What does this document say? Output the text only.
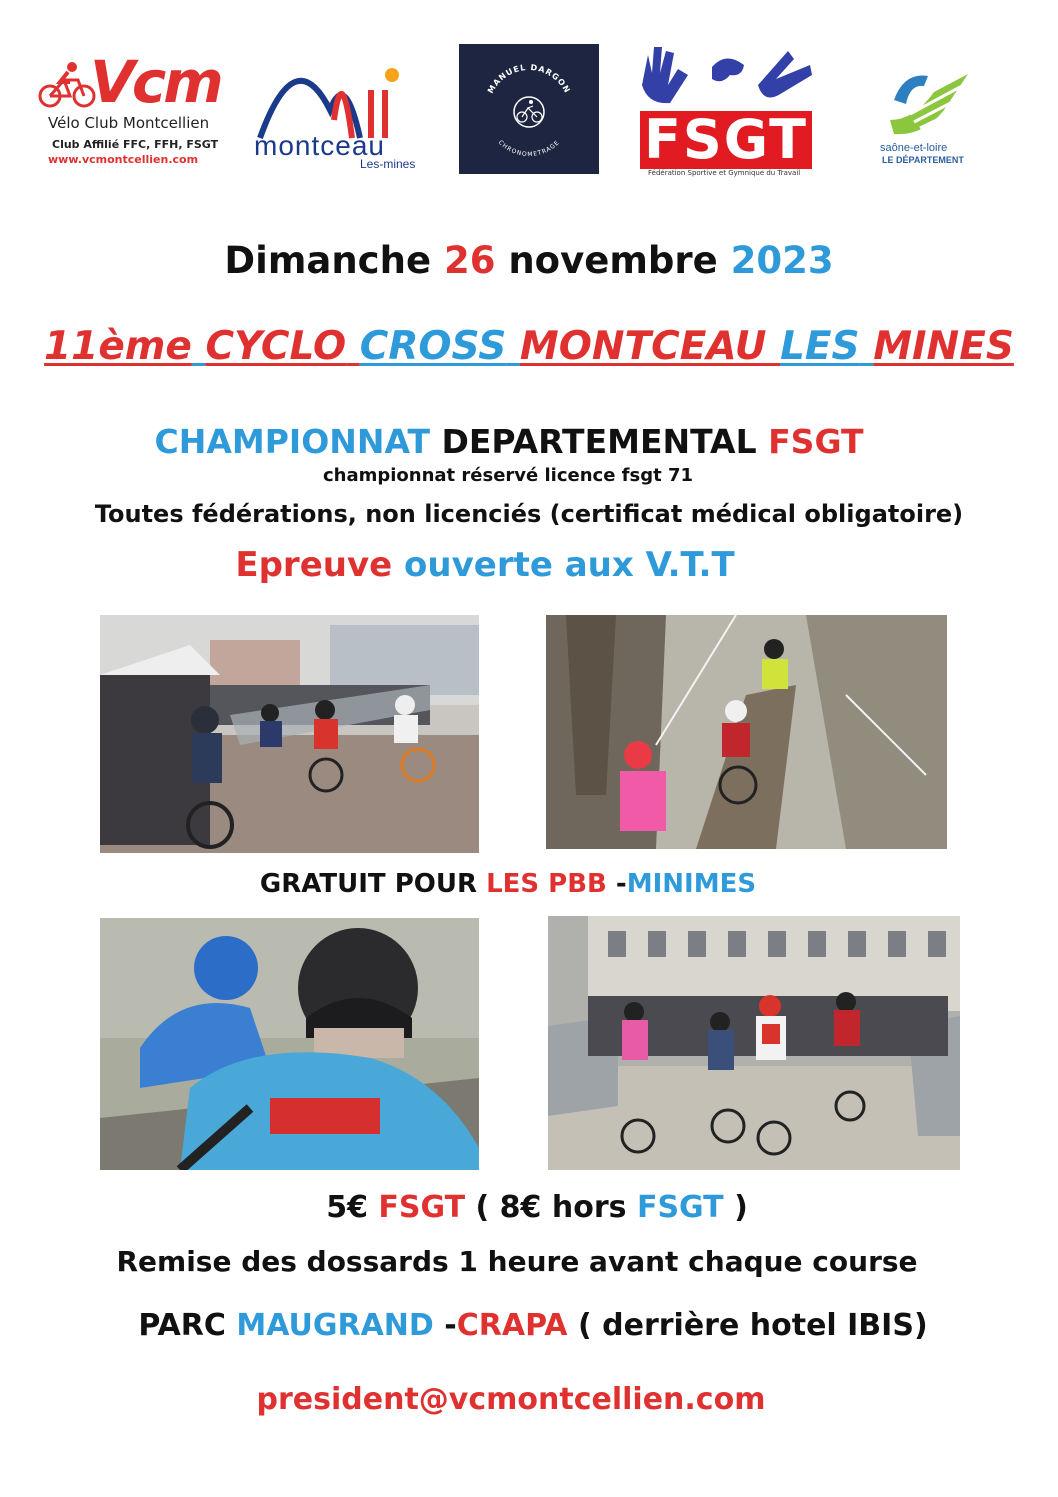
Vcm
Vélo Club Montcellien
Club Affilié FFC, FFH, FSGT
www.vcmontcellien.com montceau
Les-mines
MANUEL DARGON
CHRONOMETRAGE FSGT
Fédération Sportive et Gymnique du Travail
saône-et-loire
LE DÉPARTEMENT
Dimanche 26 novembre 2023
11ème CYCLO CROSS MONTCEAU LES MINES
CHAMPIONNAT DEPARTEMENTAL FSGT
championnat réservé licence fsgt 71
Toutes fédérations, non licenciés (certificat médical obligatoire)
Epreuve ouverte aux V.T.T
GRATUIT POUR LES PBB -MINIMES
5€ FSGT ( 8€ hors FSGT )
Remise des dossards 1 heure avant chaque course
PARC MAUGRAND -CRAPA ( derrière hotel IBIS)
president@vcmontcellien.com
